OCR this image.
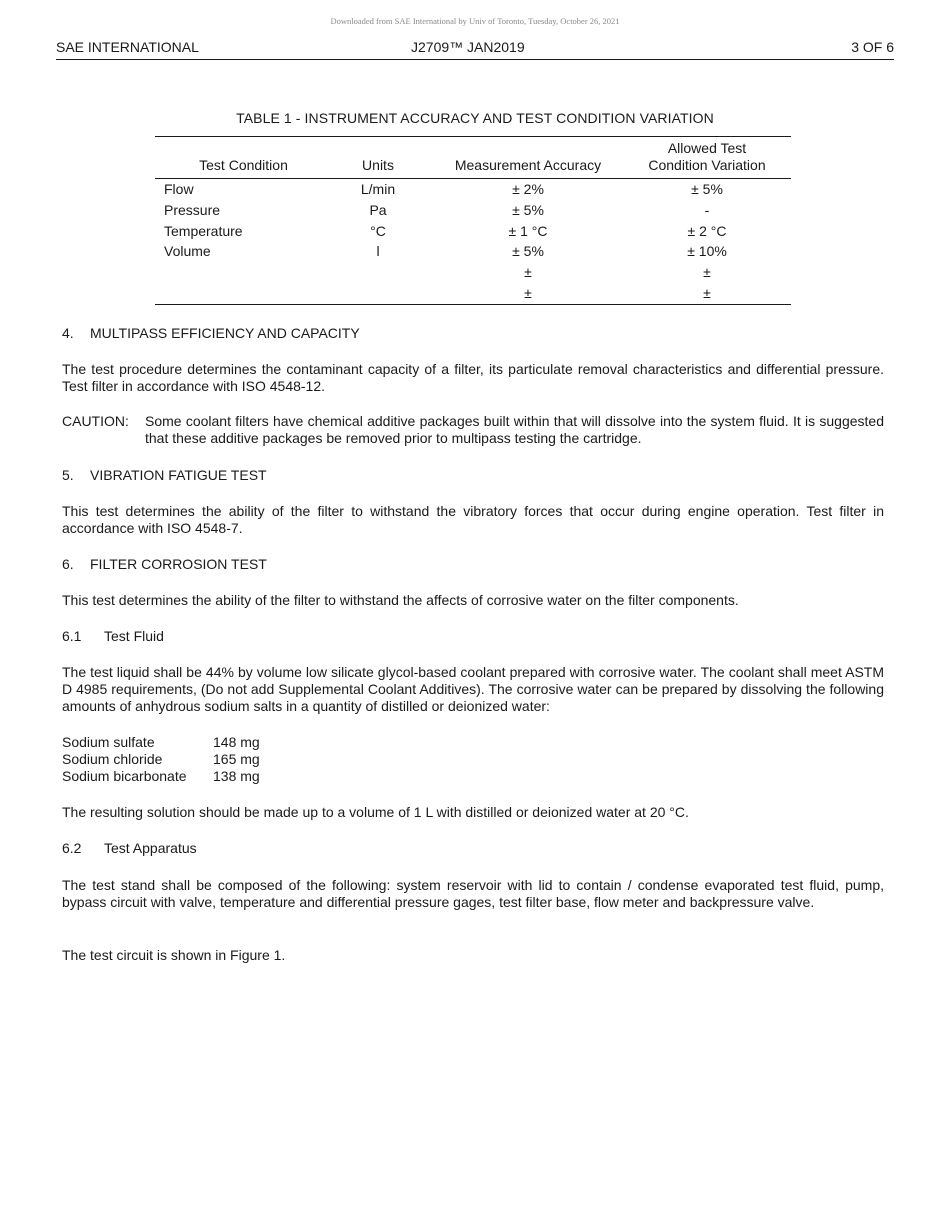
Downloaded from SAE International by Univ of Toronto, Tuesday, October 26, 2021
SAE INTERNATIONAL	J2709™ JAN2019	3 OF 6
TABLE 1 - INSTRUMENT ACCURACY AND TEST CONDITION VARIATION
Test Condition	Units	Measurement Accuracy	Allowed Test
Condition Variation
Flow	L/min	± 2%	± 5%
Pressure	Pa	± 5%	-
Temperature	°C	± 1 °C	± 2 °C
Volume	l	± 5%	± 10%
		±	±
		±	±
4. MULTIPASS EFFICIENCY AND CAPACITY
The test procedure determines the contaminant capacity of a filter, its particulate removal characteristics and differential pressure. Test filter in accordance with ISO 4548-12.
CAUTION: Some coolant filters have chemical additive packages built within that will dissolve into the system fluid. It is suggested that these additive packages be removed prior to multipass testing the cartridge.
5. VIBRATION FATIGUE TEST
This test determines the ability of the filter to withstand the vibratory forces that occur during engine operation. Test filter in accordance with ISO 4548-7.
6. FILTER CORROSION TEST
This test determines the ability of the filter to withstand the affects of corrosive water on the filter components.
6.1 Test Fluid
The test liquid shall be 44% by volume low silicate glycol-based coolant prepared with corrosive water. The coolant shall meet ASTM D 4985 requirements, (Do not add Supplemental Coolant Additives). The corrosive water can be prepared by dissolving the following amounts of anhydrous sodium salts in a quantity of distilled or deionized water:
Sodium sulfate	148 mg
Sodium chloride	165 mg
Sodium bicarbonate 138 mg
The resulting solution should be made up to a volume of 1 L with distilled or deionized water at 20 °C.
6.2 Test Apparatus
The test stand shall be composed of the following: system reservoir with lid to contain / condense evaporated test fluid, pump, bypass circuit with valve, temperature and differential pressure gages, test filter base, flow meter and backpressure valve.
The test circuit is shown in Figure 1.
